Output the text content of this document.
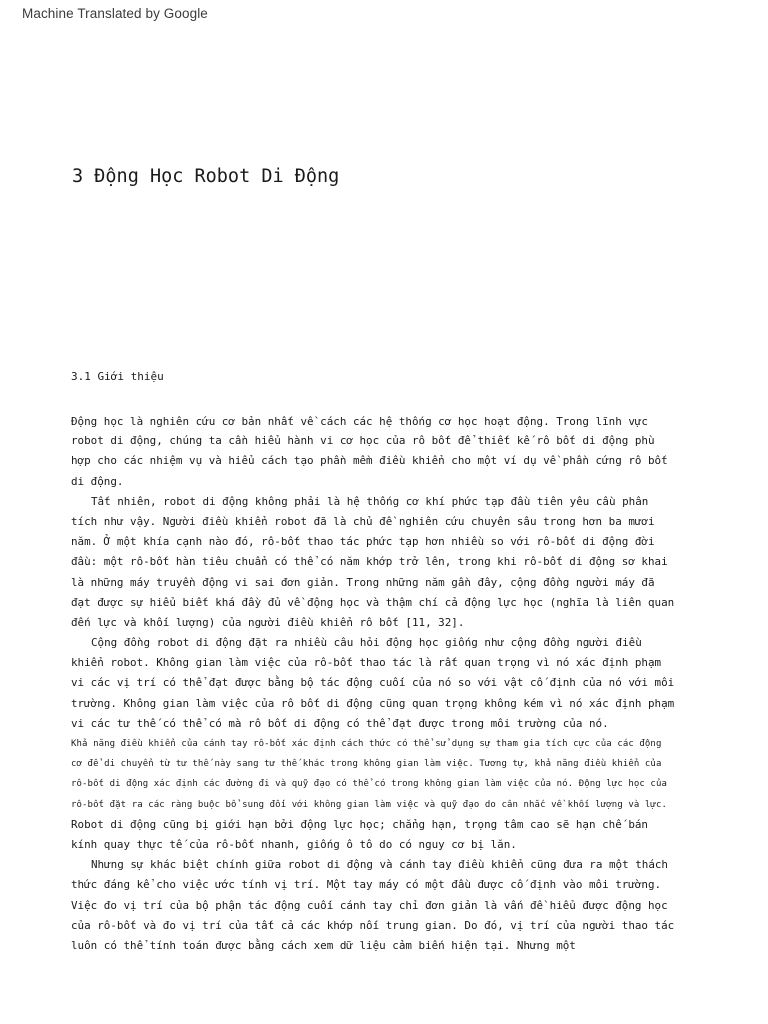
Machine Translated by Google
3 Động Học Robot Di Động
3.1 Giới thiệu
Động học là nghiên cứu cơ bản nhất về cách các hệ thống cơ học hoạt động. Trong lĩnh vực
robot di động, chúng ta cần hiểu hành vi cơ học của rô bốt để thiết kế rô bốt di động phù
hợp cho các nhiệm vụ và hiểu cách tạo phần mềm điều khiển cho một ví dụ về phần cứng rô bốt
di động.
Tất nhiên, robot di động không phải là hệ thống cơ khí phức tạp đầu tiên yêu cầu phân
tích như vậy. Người điều khiển robot đã là chủ đề nghiên cứu chuyên sâu trong hơn ba mươi
năm. Ở một khía cạnh nào đó, rô-bốt thao tác phức tạp hơn nhiều so với rô-bốt di động đời
đầu: một rô-bốt hàn tiêu chuẩn có thể có năm khớp trở lên, trong khi rô-bốt di động sơ khai
là những máy truyền động vi sai đơn giản. Trong những năm gần đây, cộng đồng người máy đã
đạt được sự hiểu biết khá đầy đủ về động học và thậm chí cả động lực học (nghĩa là liên quan
đến lực và khối lượng) của người điều khiển rô bốt [11, 32].
Cộng đồng robot di động đặt ra nhiều câu hỏi động học giống như cộng đồng người điều
khiển robot. Không gian làm việc của rô-bốt thao tác là rất quan trọng vì nó xác định phạm
vi các vị trí có thể đạt được bằng bộ tác động cuối của nó so với vật cố định của nó với môi
trường. Không gian làm việc của rô bốt di động cũng quan trọng không kém vì nó xác định phạm
vi các tư thế có thể có mà rô bốt di động có thể đạt được trong môi trường của nó.
Khả năng điều khiển của cánh tay rô-bốt xác định cách thức có thể sử dụng sự tham gia tích cực của các động
cơ để di chuyển từ tư thế này sang tư thế khác trong không gian làm việc. Tương tự, khả năng điều khiển của
rô-bốt di động xác định các đường đi và quỹ đạo có thể có trong không gian làm việc của nó. Động lực học của
rô-bốt đặt ra các ràng buộc bổ sung đối với không gian làm việc và quỹ đạo do cân nhắc về khối lượng và lực.
Robot di động cũng bị giới hạn bởi động lực học; chẳng hạn, trọng tâm cao sẽ hạn chế bán
kính quay thực tế của rô-bốt nhanh, giống ô tô do có nguy cơ bị lăn.
Nhưng sự khác biệt chính giữa robot di động và cánh tay điều khiển cũng đưa ra một thách
thức đáng kể cho việc ước tính vị trí. Một tay máy có một đầu được cố định vào môi trường.
Việc đo vị trí của bộ phận tác động cuối cánh tay chỉ đơn giản là vấn đề hiểu được động học
của rô-bốt và đo vị trí của tất cả các khớp nối trung gian. Do đó, vị trí của người thao tác
luôn có thể tính toán được bằng cách xem dữ liệu cảm biến hiện tại. Nhưng một
